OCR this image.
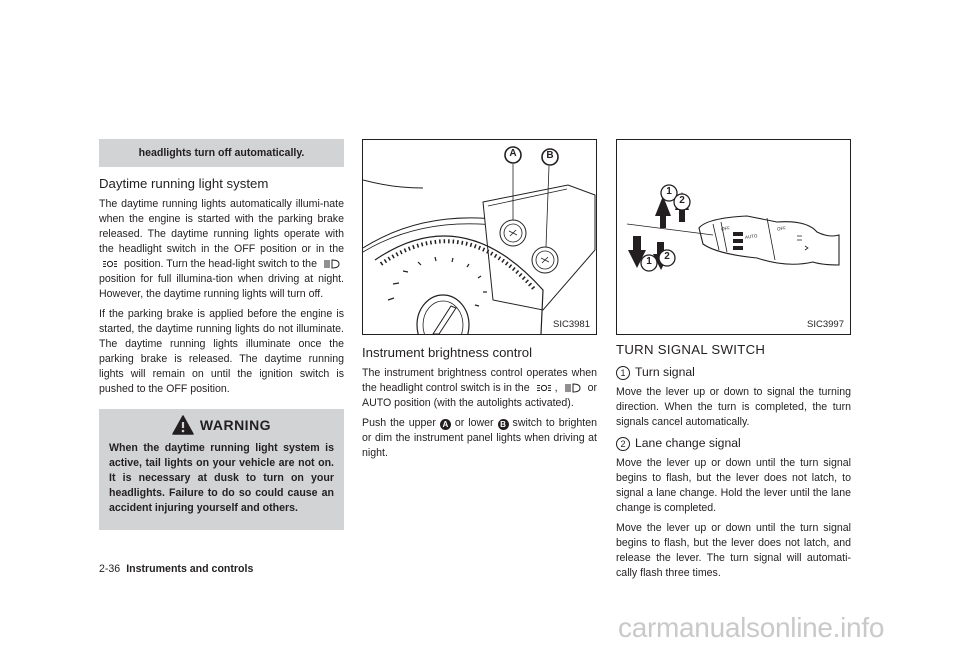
headlights turn off automatically.
Daytime running light system

The daytime running lights automatically illumi-nate when the engine is started with the parking brake released. The daytime running lights operate with the headlight switch in the OFF position or in the  position. Turn the head-light switch to the  position for full illumina-tion when driving at night. However, the daytime running lights will turn off.

If the parking brake is applied before the engine is started, the daytime running lights do not illuminate. The daytime running lights illuminate once the parking brake is released. The daytime running lights will remain on until the ignition switch is pushed to the OFF position.

WARNING

When the daytime running light system is active, tail lights on your vehicle are not on. It is necessary at dusk to turn on your headlights. Failure to do so could cause an accident injuring yourself and others.

A	B
SIC3981
Instrument brightness control

The instrument brightness control operates when the headlight control switch is in the ,	or AUTO position (with the autolights activated).

Push the upper A or lower B switch to brighten or dim the instrument panel lights when driving at night.

1
2
1	2
OFF
AUTO
OFF
SIC3997
TURN SIGNAL SWITCH
1 Turn signal

Move the lever up or down to signal the turning direction. When the turn is completed, the turn signals cancel automatically.

2 Lane change signal

Move the lever up or down until the turn signal begins to flash, but the lever does not latch, to signal a lane change. Hold the lever until the lane change is completed.

Move the lever up or down until the turn signal begins to flash, but the lever does not latch, and release the lever. The turn signal will automati-cally flash three times.

2-36 Instruments and controls
carmanualsonline.info
